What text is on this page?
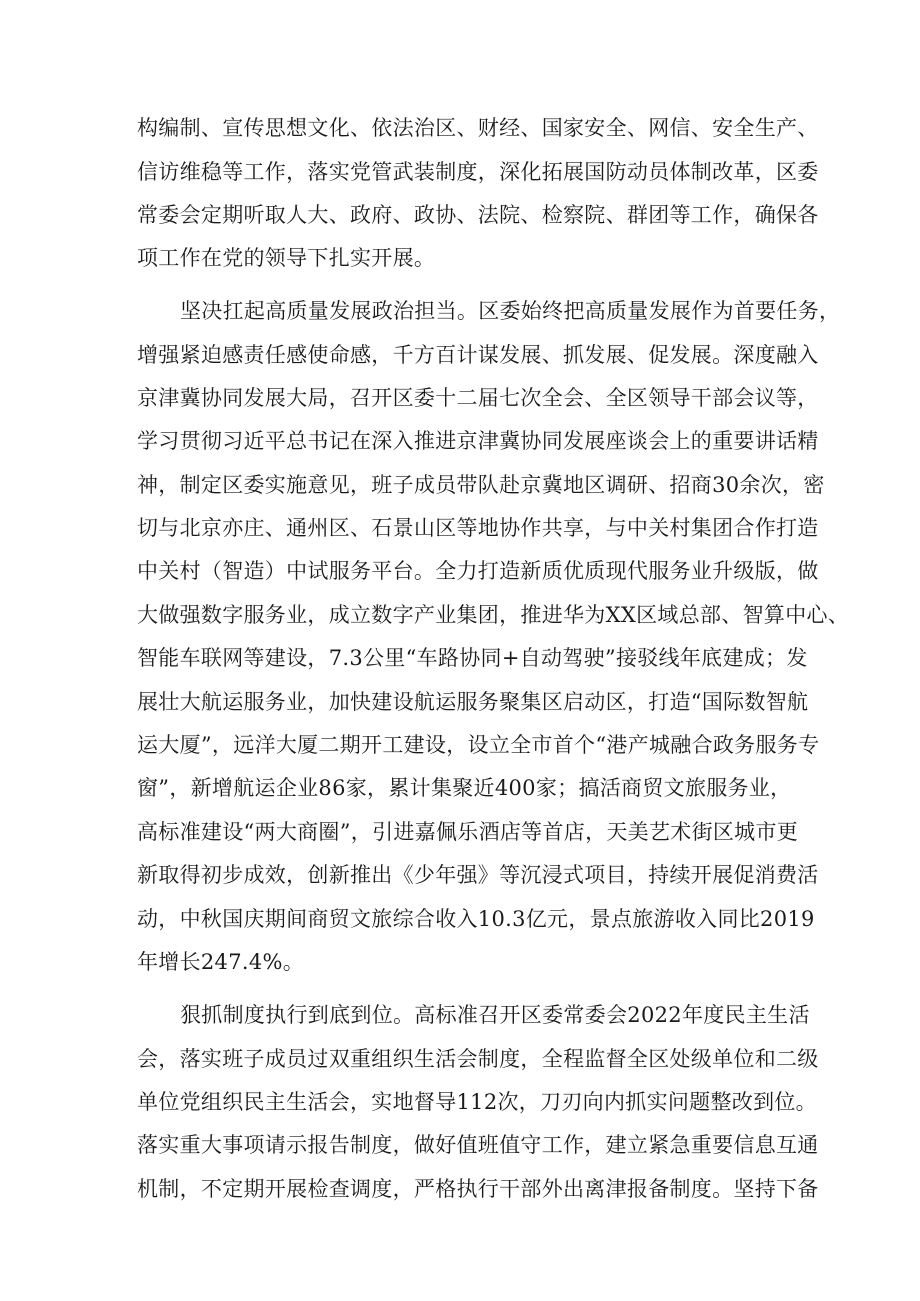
构编制、宣传思想文化、依法治区、财经、国家安全、网信、安全生产、
信访维稳等工作，落实党管武装制度，深化拓展国防动员体制改革，区委
常委会定期听取人大、政府、政协、法院、检察院、群团等工作，确保各
项工作在党的领导下扎实开展。
坚决扛起高质量发展政治担当。区委始终把高质量发展作为首要任务，
增强紧迫感责任感使命感，千方百计谋发展、抓发展、促发展。深度融入
京津冀协同发展大局，召开区委十二届七次全会、全区领导干部会议等，
学习贯彻习近平总书记在深入推进京津冀协同发展座谈会上的重要讲话精
神，制定区委实施意见，班子成员带队赴京冀地区调研、招商30余次，密
切与北京亦庄、通州区、石景山区等地协作共享，与中关村集团合作打造
中关村（智造）中试服务平台。全力打造新质优质现代服务业升级版，做
大做强数字服务业，成立数字产业集团，推进华为XX区域总部、智算中心、
智能车联网等建设，7.3公里“车路协同+自动驾驶”接驳线年底建成；发
展壮大航运服务业，加快建设航运服务聚集区启动区，打造“国际数智航
运大厦”，远洋大厦二期开工建设，设立全市首个“港产城融合政务服务专
窗”，新增航运企业86家，累计集聚近400家；搞活商贸文旅服务业，
高标准建设“两大商圈”，引进嘉佩乐酒店等首店，天美艺术街区城市更
新取得初步成效，创新推出《少年强》等沉浸式项目，持续开展促消费活
动，中秋国庆期间商贸文旅综合收入10.3亿元，景点旅游收入同比2019
年增长247.4%。
狠抓制度执行到底到位。高标准召开区委常委会2022年度民主生活
会，落实班子成员过双重组织生活会制度，全程监督全区处级单位和二级
单位党组织民主生活会，实地督导112次，刀刃向内抓实问题整改到位。
落实重大事项请示报告制度，做好值班值守工作，建立紧急重要信息互通
机制，不定期开展检查调度，严格执行干部外出离津报备制度。坚持下备
